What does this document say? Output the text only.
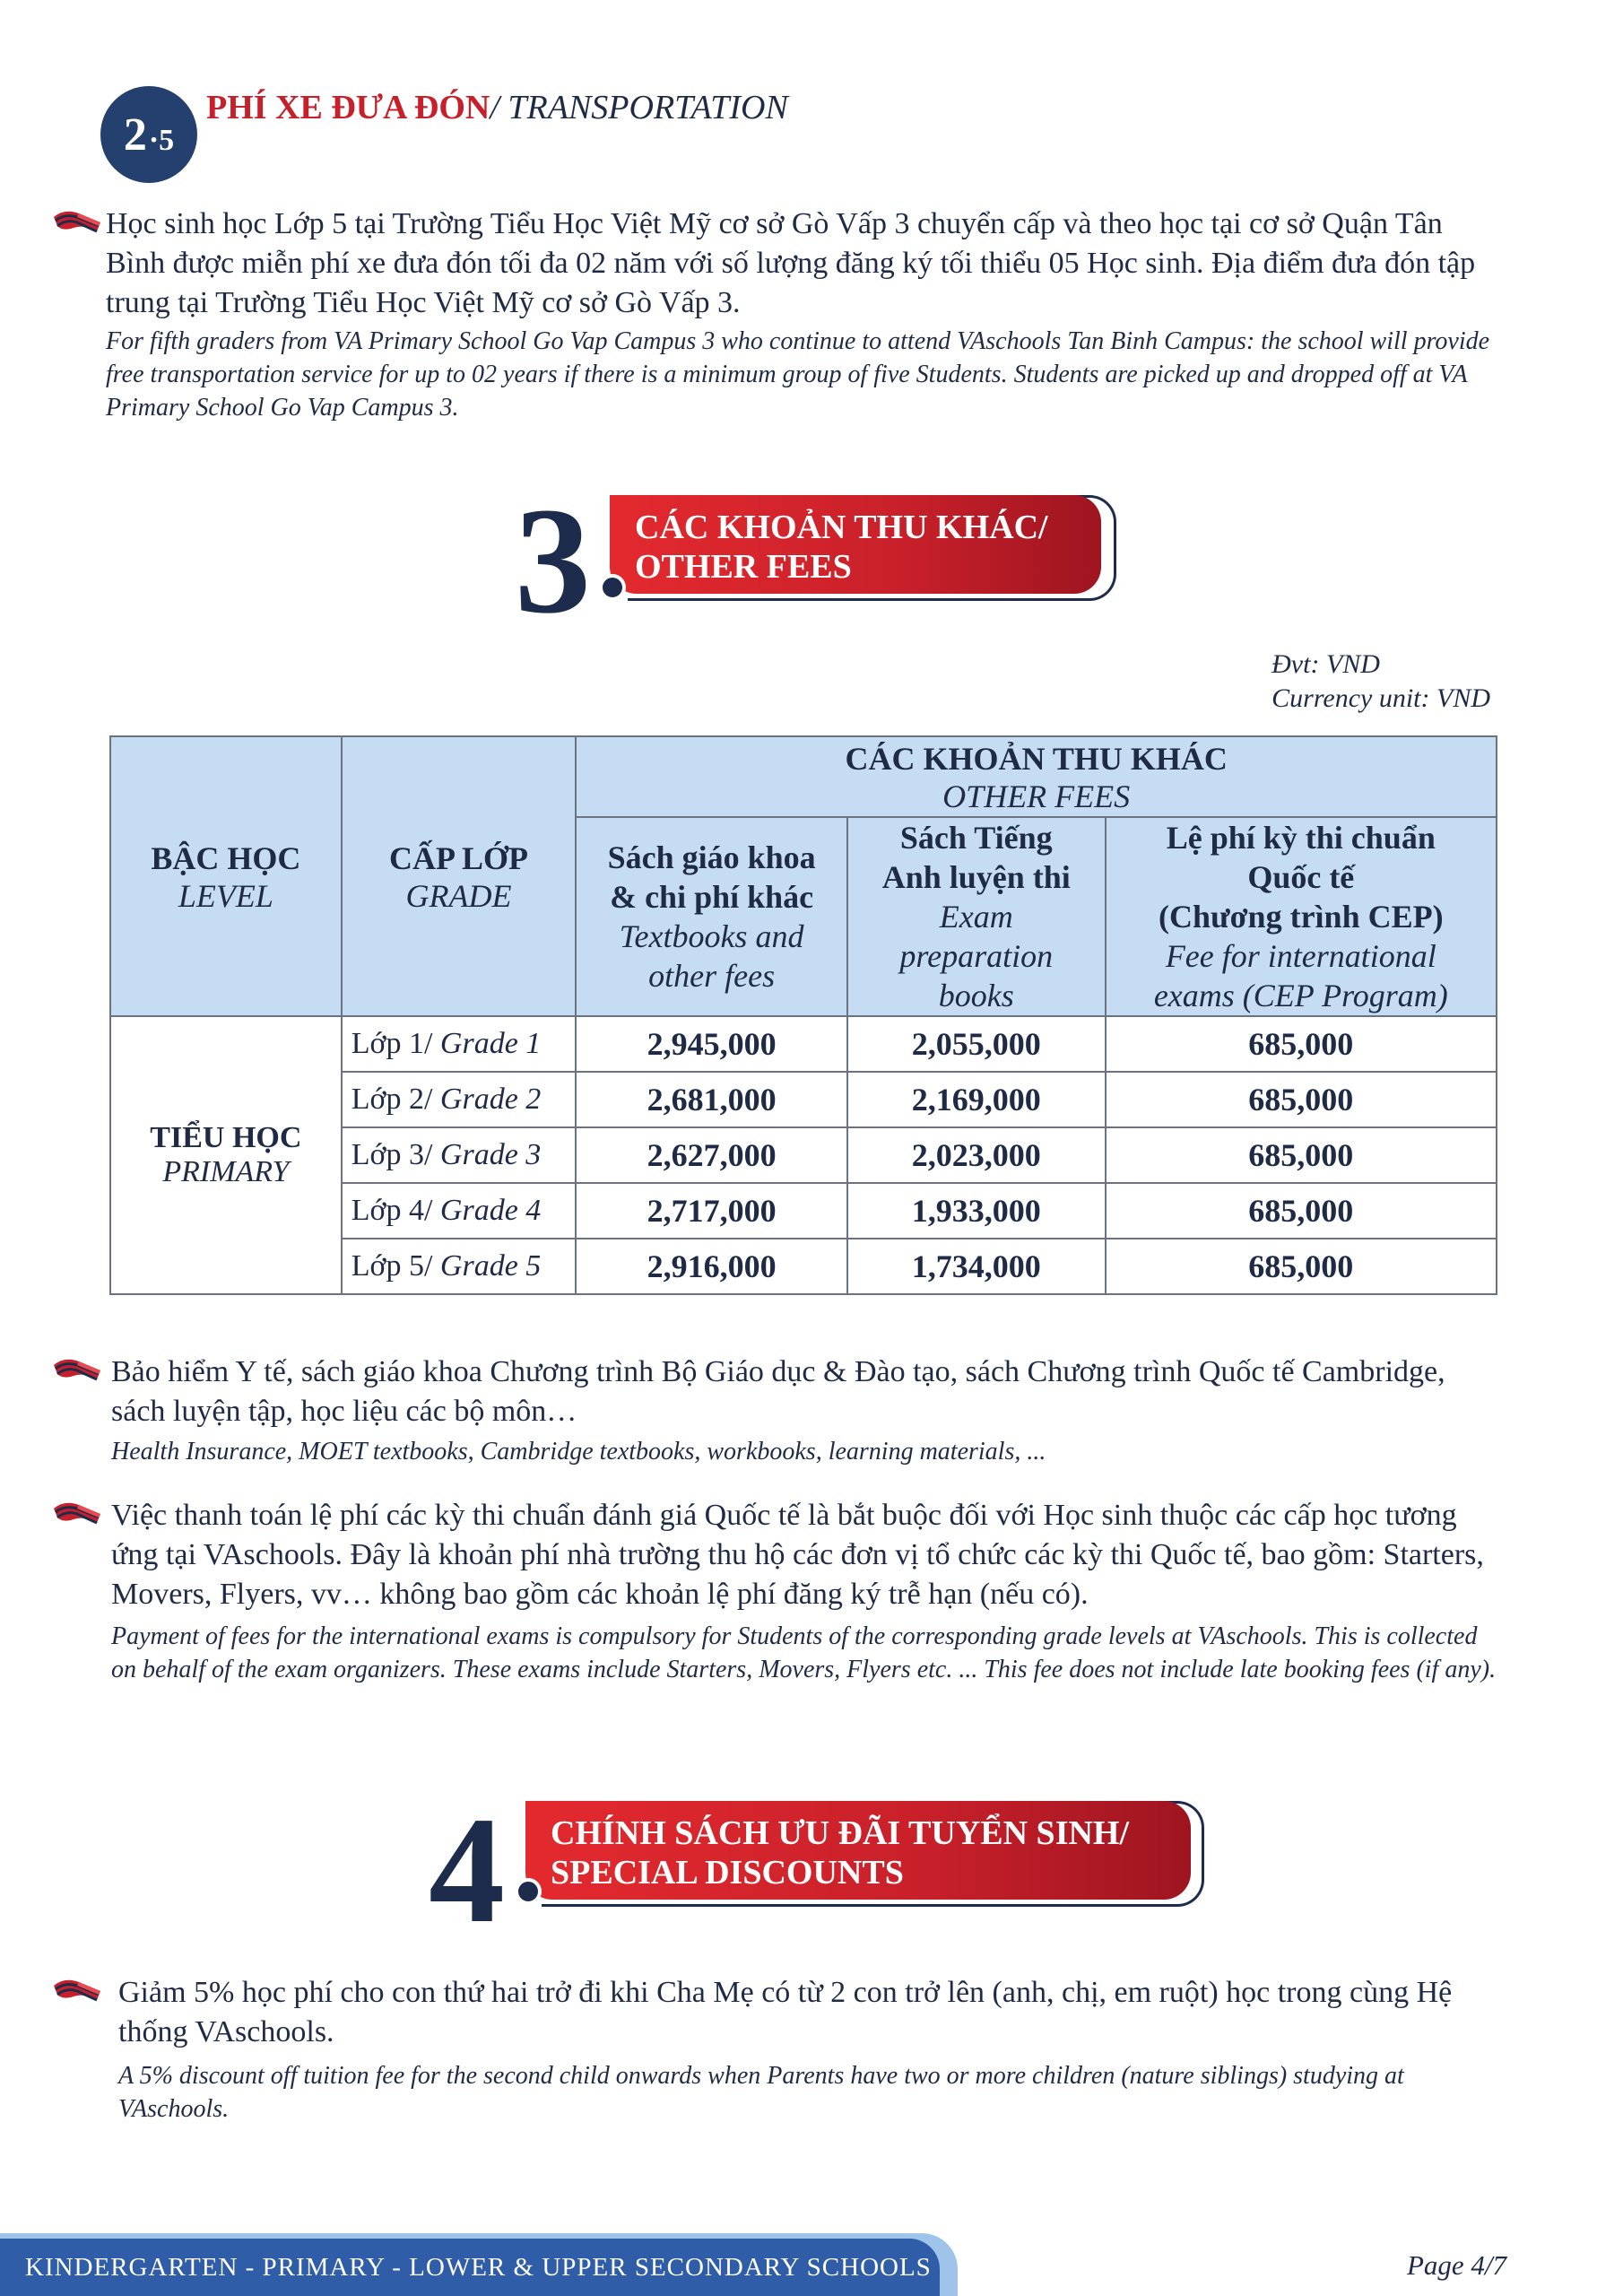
2 ·5
PHÍ XE ĐƯA ĐÓN/ TRANSPORTATION
Học sinh học Lớp 5 tại Trường Tiểu Học Việt Mỹ cơ sở Gò Vấp 3 chuyển cấp và theo học tại cơ sở Quận Tân Bình được miễn phí xe đưa đón tối đa 02 năm với số lượng đăng ký tối thiểu 05 Học sinh. Địa điểm đưa đón tập trung tại Trường Tiểu Học Việt Mỹ cơ sở Gò Vấp 3.
For fifth graders from VA Primary School Go Vap Campus 3 who continue to attend VAschools Tan Binh Campus: the school will provide free transportation service for up to 02 years if there is a minimum group of five Students. Students are picked up and dropped off at VA Primary School Go Vap Campus 3.
3 CÁC KHOẢN THU KHÁC/
OTHER FEES
Đvt: VND
Currency unit: VND
BẬC HỌC
LEVEL	CẤP LỚP
GRADE	CÁC KHOẢN THU KHÁC
OTHER FEES		

		Sách giáo khoa
& chi phí khác
Textbooks and
other fees	Sách Tiếng
Anh luyện thi
Exam
preparation
books	Lệ phí kỳ thi chuẩn
Quốc tế
(Chương trình CEP)
Fee for international
exams (CEP Program)

TIỂU HỌC
PRIMARY	Lớp 1/ Grade 1	2,945,000	2,055,000	685,000
	Lớp 2/ Grade 2	2,681,000	2,169,000	685,000
	Lớp 3/ Grade 3	2,627,000	2,023,000	685,000
	Lớp 4/ Grade 4	2,717,000	1,933,000	685,000
	Lớp 5/ Grade 5	2,916,000	1,734,000	685,000
Bảo hiểm Y tế, sách giáo khoa Chương trình Bộ Giáo dục & Đào tạo, sách Chương trình Quốc tế Cambridge, sách luyện tập, học liệu các bộ môn…
Health Insurance, MOET textbooks, Cambridge textbooks, workbooks, learning materials, ...
Việc thanh toán lệ phí các kỳ thi chuẩn đánh giá Quốc tế là bắt buộc đối với Học sinh thuộc các cấp học tương ứng tại VAschools. Đây là khoản phí nhà trường thu hộ các đơn vị tổ chức các kỳ thi Quốc tế, bao gồm: Starters, Movers, Flyers, vv… không bao gồm các khoản lệ phí đăng ký trễ hạn (nếu có).
Payment of fees for the international exams is compulsory for Students of the corresponding grade levels at VAschools. This is collected on behalf of the exam organizers. These exams include Starters, Movers, Flyers etc. ... This fee does not include late booking fees (if any).
4 CHÍNH SÁCH ƯU ĐÃI TUYỂN SINH/
SPECIAL DISCOUNTS
Giảm 5% học phí cho con thứ hai trở đi khi Cha Mẹ có từ 2 con trở lên (anh, chị, em ruột) học trong cùng Hệ thống VAschools.
A 5% discount off tuition fee for the second child onwards when Parents have two or more children (nature siblings) studying at VAschools.
KINDERGARTEN - PRIMARY - LOWER & UPPER SECONDARY SCHOOLS	Page 4/7
